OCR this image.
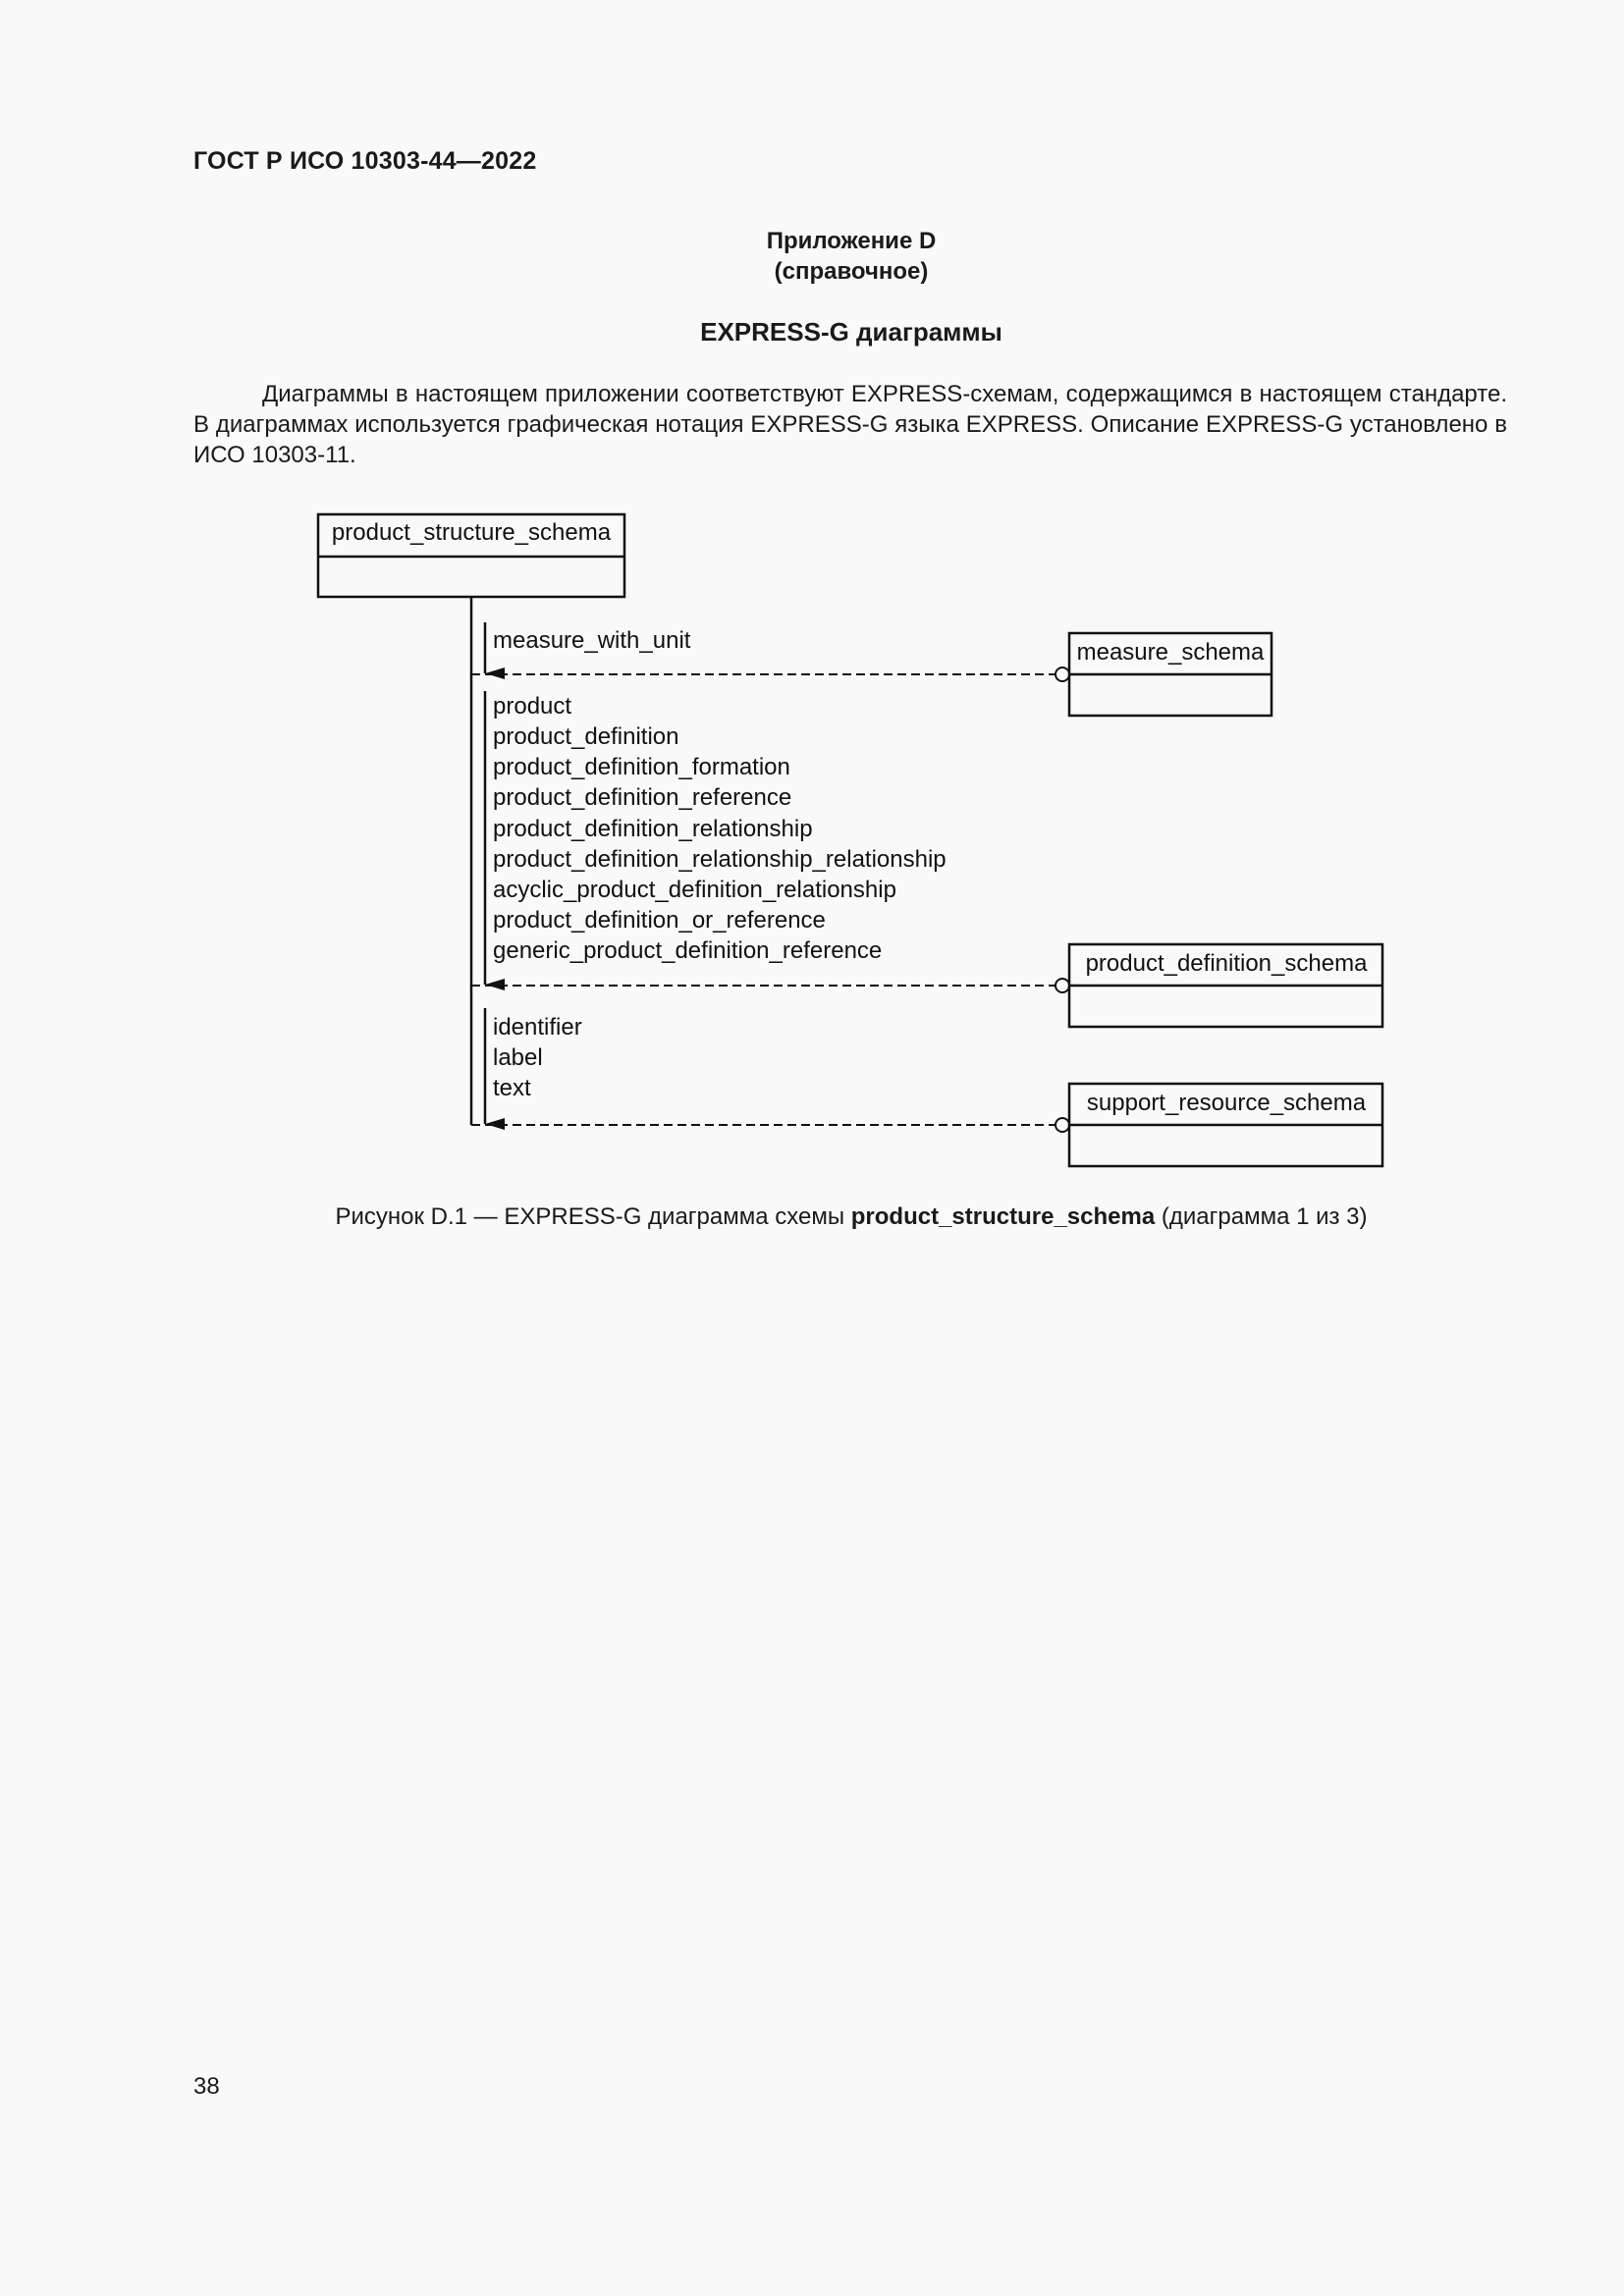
ГОСТ Р ИСО 10303-44—2022
Приложение D
(справочное)
EXPRESS-G диаграммы

Диаграммы в настоящем приложении соответствуют EXPRESS-схемам, содержащимся в настоящем стандарте. В диаграммах используется графическая нотация EXPRESS-G языка EXPRESS. Описание EXPRESS-G установлено в ИСО 10303-11.

product_structure_schema
measure_with_unit	measure_schema
product
product_definition
product_definition_formation
product_definition_reference
product_definition_relationship
product_definition_relationship_relationship
acyclic_product_definition_relationship
product_definition_or_reference
generic_product_definition_reference	product_definition_schema
identifier
label
text
support_resource_schema
Рисунок D.1 — EXPRESS-G диаграмма схемы product_structure_schema (диаграмма 1 из 3)
38
